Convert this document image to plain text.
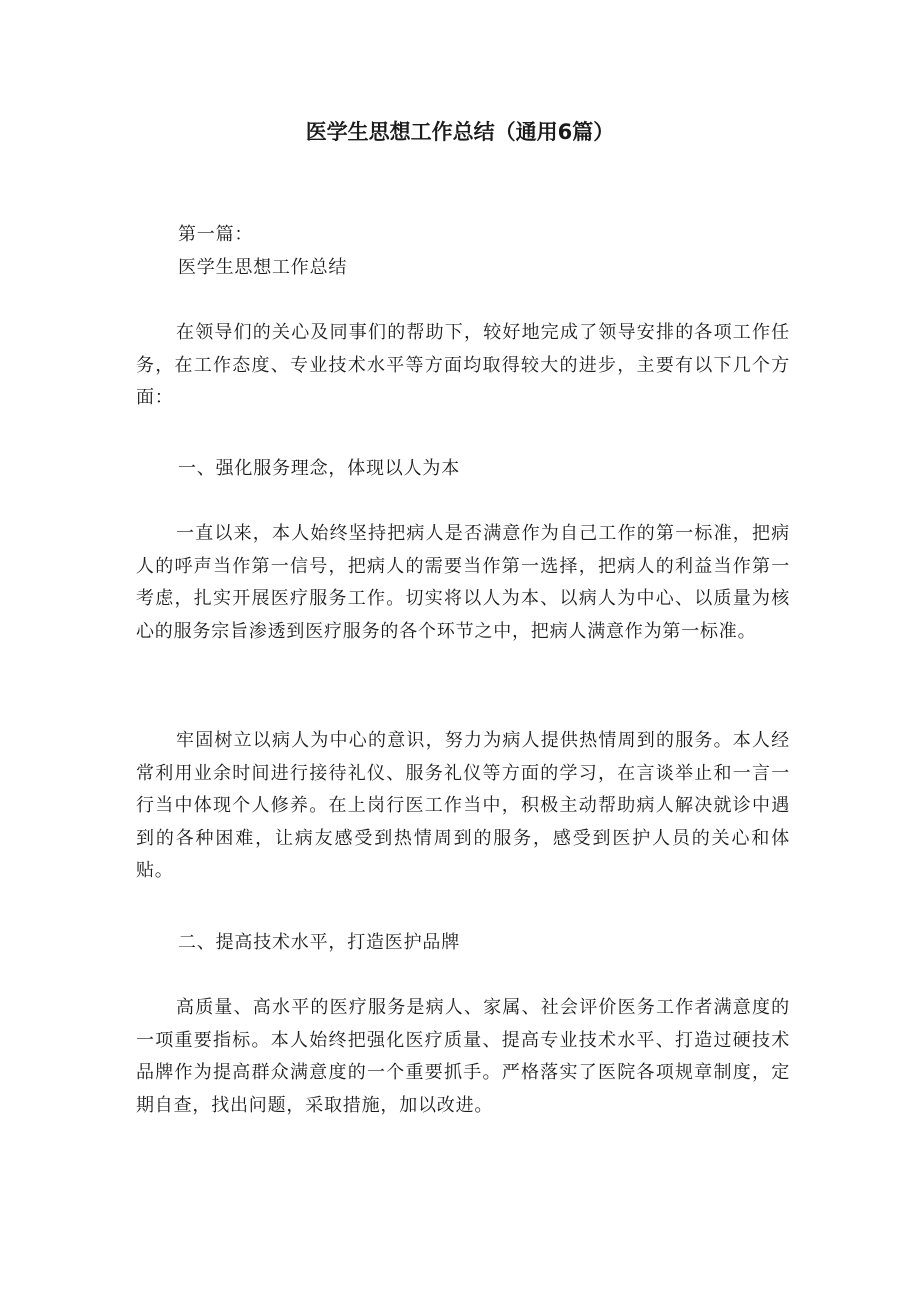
医学生思想工作总结（通用6篇）

第一篇：

医学生思想工作总结

在领导们的关心及同事们的帮助下，较好地完成了领导安排的各项工作任务，在工作态度、专业技术水平等方面均取得较大的进步，主要有以下几个方面：

一、强化服务理念，体现以人为本

一直以来，本人始终坚持把病人是否满意作为自己工作的第一标准，把病人的呼声当作第一信号，把病人的需要当作第一选择，把病人的利益当作第一考虑，扎实开展医疗服务工作。切实将以人为本、以病人为中心、以质量为核心的服务宗旨渗透到医疗服务的各个环节之中，把病人满意作为第一标准。

牢固树立以病人为中心的意识，努力为病人提供热情周到的服务。本人经常利用业余时间进行接待礼仪、服务礼仪等方面的学习，在言谈举止和一言一行当中体现个人修养。在上岗行医工作当中，积极主动帮助病人解决就诊中遇到的各种困难，让病友感受到热情周到的服务，感受到医护人员的关心和体贴。

二、提高技术水平，打造医护品牌

高质量、高水平的医疗服务是病人、家属、社会评价医务工作者满意度的一项重要指标。本人始终把强化医疗质量、提高专业技术水平、打造过硬技术品牌作为提高群众满意度的一个重要抓手。严格落实了医院各项规章制度，定期自查，找出问题，采取措施，加以改进。
